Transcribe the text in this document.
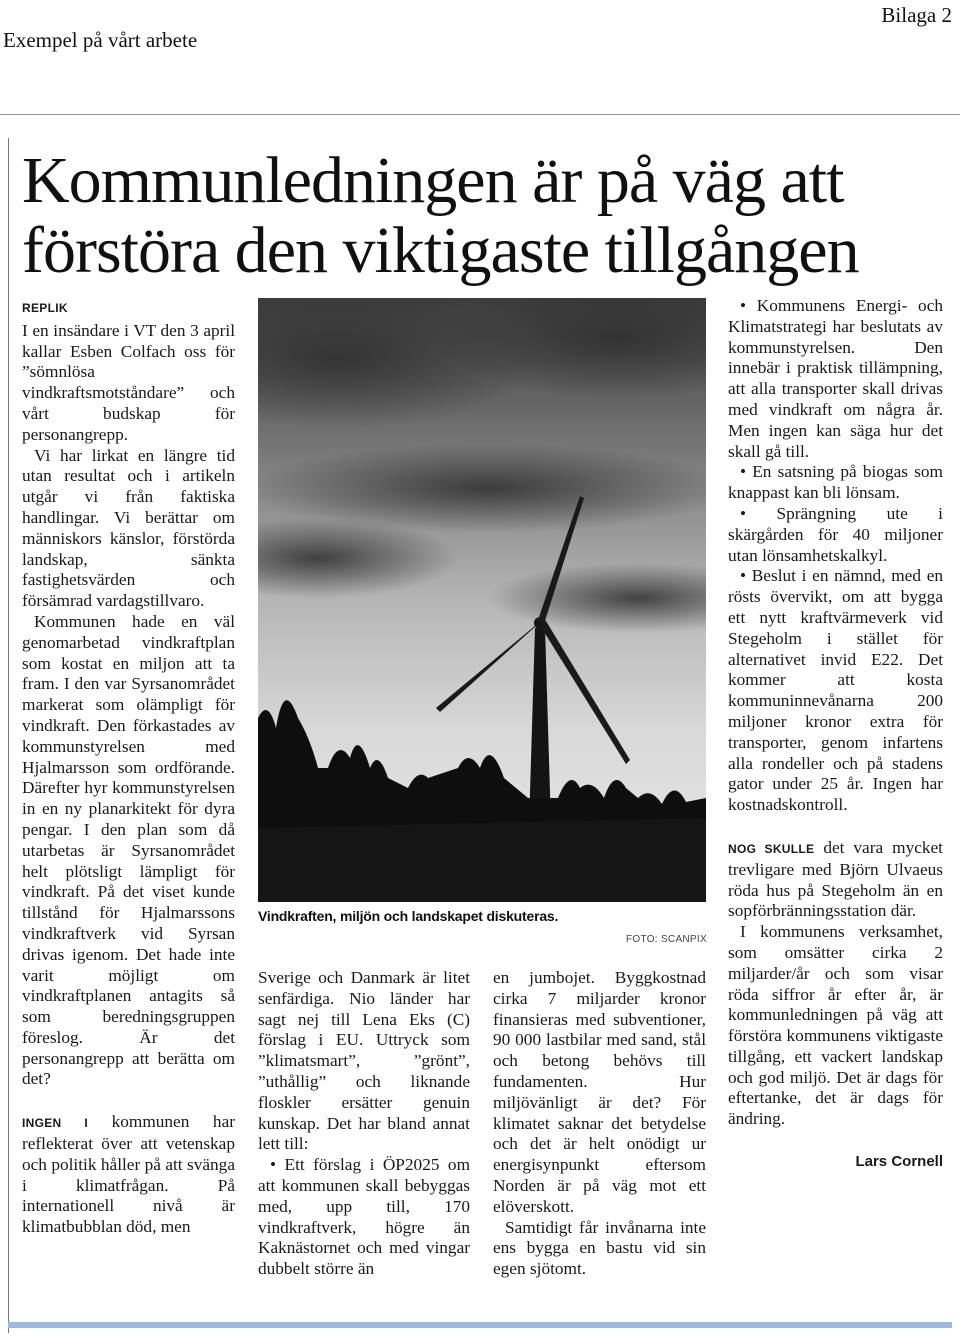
Exempel på vårt arbete
Bilaga 2
Kommunledningen är på väg att förstöra den viktigaste tillgången
REPLIK

I en insändare i VT den 3 april kallar Esben Colfach oss för ”sömnlösa vindkraftsmotståndare” och vårt budskap för personangrepp.

Vi har lirkat en längre tid utan resultat och i artikeln utgår vi från faktiska handlingar. Vi berättar om människors känslor, förstörda landskap, sänkta fastighetsvärden och försämrad vardagstillvaro.

Kommunen hade en väl genomarbetad vindkraftplan som kostat en miljon att ta fram. I den var Syrsanområdet markerat som olämpligt för vindkraft. Den förkastades av kommunstyrelsen med Hjalmarsson som ordförande. Därefter hyr kommunstyrelsen in en ny planarkitekt för dyra pengar. I den plan som då utarbetas är Syrsanområdet helt plötsligt lämpligt för vindkraft. På det viset kunde tillstånd för Hjalmarssons vindkraftverk vid Syrsan drivas igenom. Det hade inte varit möjligt om vindkraftplanen antagits så som beredningsgruppen föreslog. Är det personangrepp att berätta om det?

INGEN I kommunen har reflekterat över att vetenskap och politik håller på att svänga i klimatfrågan. På internationell nivå är klimatbubblan död, men

Vindkraften, miljön och landskapet diskuteras.
FOTO: SCANPIX

Sverige och Danmark är litet senfärdiga. Nio länder har sagt nej till Lena Eks (C) förslag i EU. Uttryck som ”klimatsmart”, ”grönt”, ”uthållig” och liknande floskler ersätter genuin kunskap. Det har bland annat lett till:

• Ett förslag i ÖP2025 om att kommunen skall bebyggas med, upp till, 170 vindkraftverk, högre än Kaknästornet och med vingar dubbelt större än

en jumbojet. Byggkostnad cirka 7 miljarder kronor finansieras med subventioner, 90 000 lastbilar med sand, stål och betong behövs till fundamenten. Hur miljövänligt är det? För klimatet saknar det betydelse och det är helt onödigt ur energisynpunkt eftersom Norden är på väg mot ett elöverskott.

Samtidigt får invånarna inte ens bygga en bastu vid sin egen sjötomt.

• Kommunens Energi- och Klimatstrategi har beslutats av kommunstyrelsen. Den innebär i praktisk tillämpning, att alla transporter skall drivas med vindkraft om några år. Men ingen kan säga hur det skall gå till.

• En satsning på biogas som knappast kan bli lönsam.

• Sprängning ute i skärgården för 40 miljoner utan lönsamhetskalkyl.

• Beslut i en nämnd, med en rösts övervikt, om att bygga ett nytt kraftvärmeverk vid Stegeholm i stället för alternativet invid E22. Det kommer att kosta kommuninnevånarna 200 miljoner kronor extra för transporter, genom infartens alla rondeller och på stadens gator under 25 år. Ingen har kostnadskontroll.

NOG SKULLE det vara mycket trevligare med Björn Ulvaeus röda hus på Stegeholm än en sopförbränningsstation där.

I kommunens verksamhet, som omsätter cirka 2 miljarder/år och som visar röda siffror år efter år, är kommunledningen på väg att förstöra kommunens viktigaste tillgång, ett vackert landskap och god miljö. Det är dags för eftertanke, det är dags för ändring.

Lars Cornell
